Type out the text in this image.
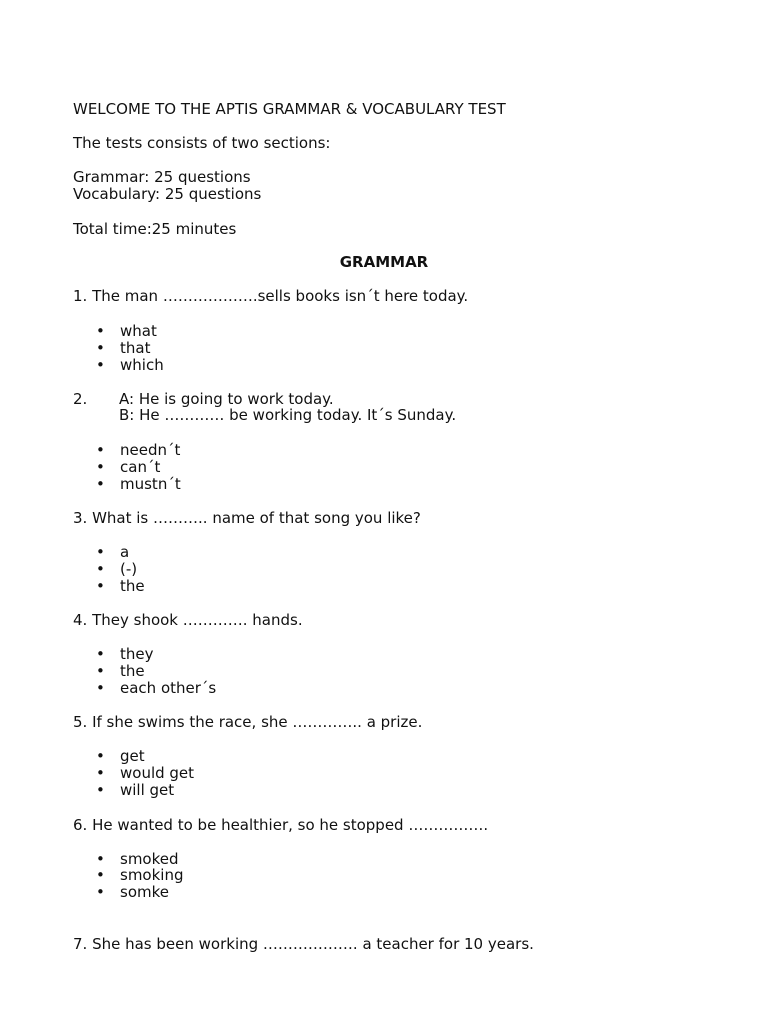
WELCOME TO THE APTIS GRAMMAR & VOCABULARY TEST
The tests consists of two sections:
Grammar: 25 questions
Vocabulary: 25 questions
Total time:25 minutes
GRAMMAR
1. The man ……………….sells books isn´t here today.
• what
• that
• which
2. A: He is going to work today.
B: He ………… be working today. It´s Sunday.
• needn´t
• can´t
• mustn´t
3. What is ……….. name of that song you like?
• a
• (-)
• the
4. They shook …………. hands.
• they
• the
• each other´s
5. If she swims the race, she ………….. a prize.
• get
• would get
• will get
6. He wanted to be healthier, so he stopped …………….
• smoked
• smoking
• somke
7. She has been working ………………. a teacher for 10 years.
